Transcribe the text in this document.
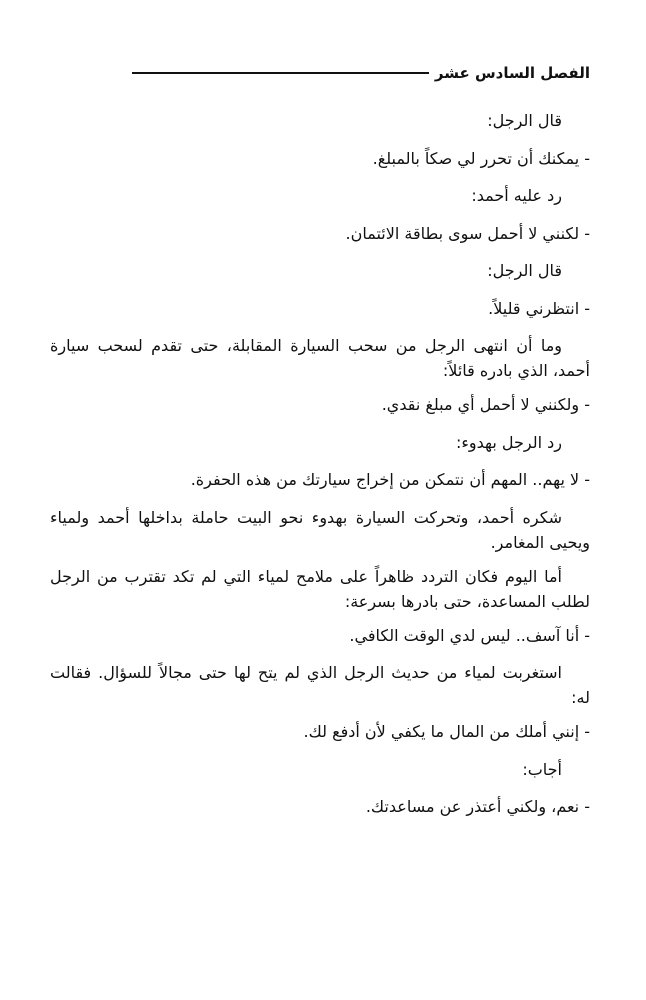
الفصل السادس عشر
قال الرجل:
- يمكنك أن تحرر لي صكاً بالمبلغ.
رد عليه أحمد:
- لكنني لا أحمل سوى بطاقة الائتمان.
قال الرجل:
- انتظرني قليلاً.
وما أن انتهى الرجل من سحب السيارة المقابلة، حتى تقدم لسحب سيارة أحمد، الذي بادره قائلاً:
- ولكنني لا أحمل أي مبلغ نقدي.
رد الرجل بهدوء:
- لا يهم.. المهم أن نتمكن من إخراج سيارتك من هذه الحفرة.
شكره أحمد، وتحركت السيارة بهدوء نحو البيت حاملة بداخلها أحمد ولمياء ويحيى المغامر.
أما اليوم فكان التردد ظاهراً على ملامح لمياء التي لم تكد تقترب من الرجل لطلب المساعدة، حتى بادرها بسرعة:
- أنا آسف.. ليس لدي الوقت الكافي.
استغربت لمياء من حديث الرجل الذي لم يتح لها حتى مجالاً للسؤال. فقالت له:
- إنني أملك من المال ما يكفي لأن أدفع لك.
أجاب:
- نعم، ولكني أعتذر عن مساعدتك.
